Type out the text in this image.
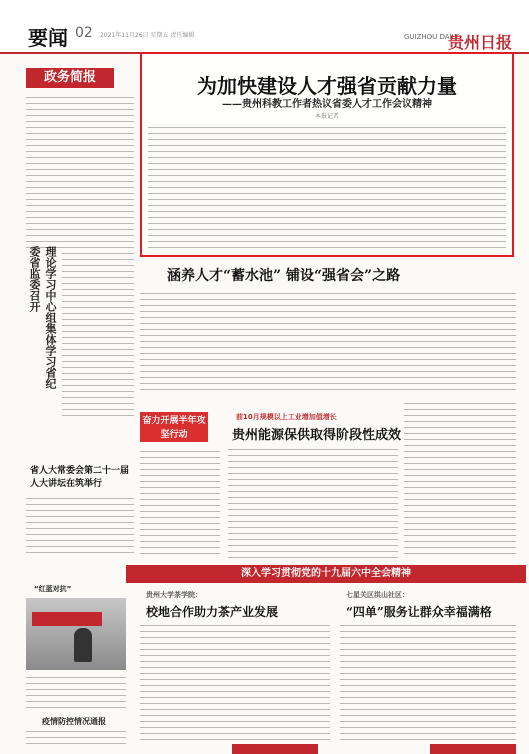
要闻 02 2021年11月26日 星期五 责任编辑	GUIZHOU DAILY
贵州日报
政务简报	为加快建设人才强省贡献力量
——贵州科教工作者热议省委人才工作会议精神
本报记者
涵养人才“蓄水池” 铺设“强省会”之路
理论学习中心组集体学习省纪委省监委召开
省人大常委会第二十一届人大讲坛在筑举行
奋力开展半年攻坚行动
前10月规模以上工业增加值增长
贵州能源保供取得阶段性成效
“红蓝对抗”
疫情防控情况通报
深入学习贯彻党的十九届六中全会精神
贵州大学茶学院：
校地合作助力茶产业发展
七星关区洪山社区：
“四单”服务让群众幸福满格
